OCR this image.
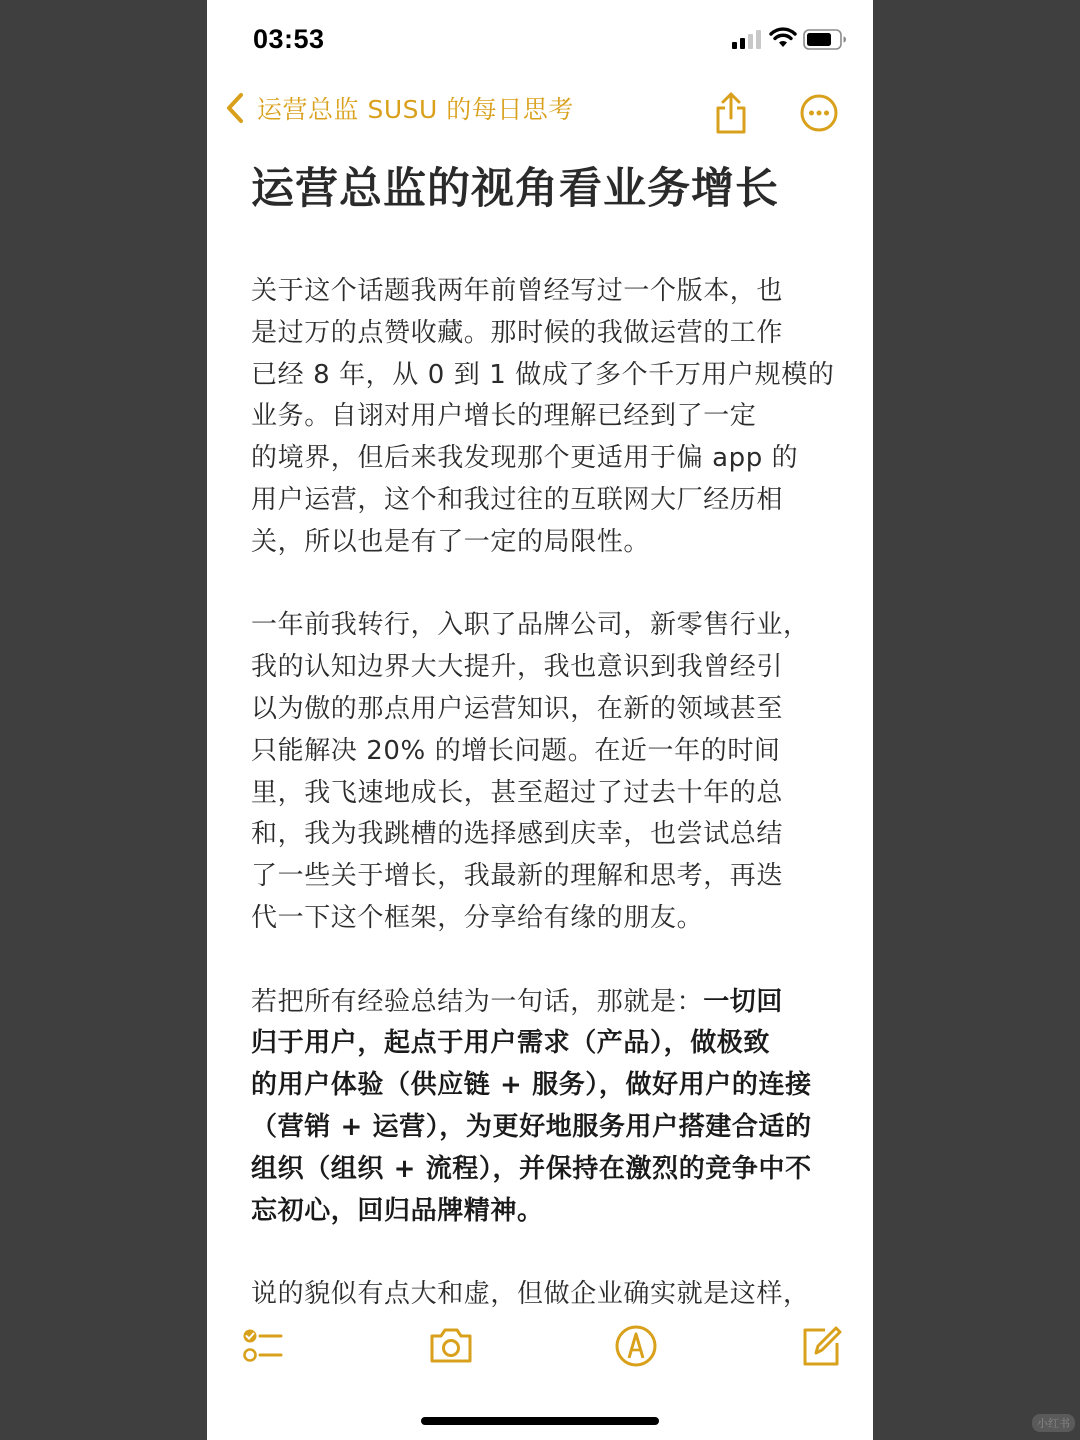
03:53
运营总监 SUSU 的每日思考
运营总监的视角看业务增长

关于这个话题我两年前曾经写过一个版本，也
是过万的点赞收藏。那时候的我做运营的工作
已经 8 年，从 0 到 1 做成了多个千万用户规模的
业务。自诩对用户增长的理解已经到了一定
的境界，但后来我发现那个更适用于偏 app 的
用户运营，这个和我过往的互联网大厂经历相
关，所以也是有了一定的局限性。

一年前我转行，入职了品牌公司，新零售行业，
我的认知边界大大提升，我也意识到我曾经引
以为傲的那点用户运营知识，在新的领域甚至
只能解决 20% 的增长问题。在近一年的时间
里，我飞速地成长，甚至超过了过去十年的总
和，我为我跳槽的选择感到庆幸，也尝试总结
了一些关于增长，我最新的理解和思考，再迭
代一下这个框架，分享给有缘的朋友。

若把所有经验总结为一句话，那就是：一切回
归于用户，起点于用户需求（产品），做极致
的用户体验（供应链 + 服务），做好用户的连接
（营销 + 运营），为更好地服务用户搭建合适的
组织（组织 + 流程），并保持在激烈的竞争中不
忘初心，回归品牌精神。

说的貌似有点大和虚，但做企业确实就是这样，

小红书
